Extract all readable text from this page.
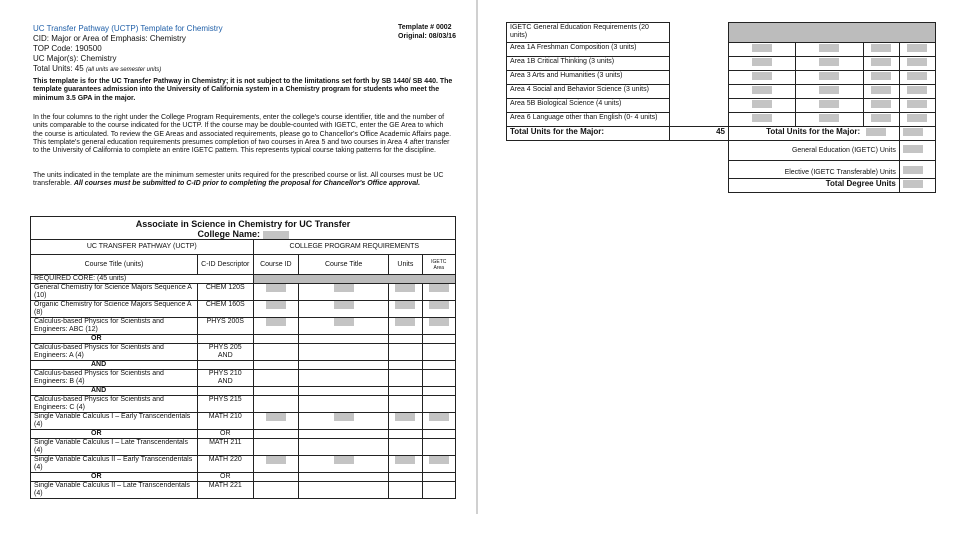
UC Transfer Pathway (UCTP) Template for Chemistry
CID: Major or Area of Emphasis: Chemistry
TOP Code: 190500
UC Major(s): Chemistry
Total Units: 45 (all units are semester units)
Template # 0002
Original: 08/03/16
This template is for the UC Transfer Pathway in Chemistry; it is not subject to the limitations set forth by SB 1440/ SB 440. The template guarantees admission into the University of California system in a Chemistry program for students who meet the minimum 3.5 GPA in the major.
In the four columns to the right under the College Program Requirements, enter the college's course identifier, title and the number of units comparable to the course indicated for the UCTP. If the course may be double-counted with IGETC, enter the GE Area to which the course is articulated. To review the GE Areas and associated requirements, please go to Chancellor's Office Academic Affairs page. This template's general education requirements presumes completion of two courses in Area 5 and two courses in Area 4 after transfer to the University of California to complete an entire IGETC pattern. This represents typical course taking patterns for the discipline.
The units indicated in the template are the minimum semester units required for the prescribed course or list. All courses must be UC transferable. All courses must be submitted to C-ID prior to completing the proposal for Chancellor's Office approval.
Associate in Science in Chemistry for UC Transfer
College Name:					

UC TRANSFER PATHWAY (UCTP)		COLLEGE PROGRAM REQUIREMENTS			
Course Title (units)	C-ID Descriptor	Course ID	Course Title	Units	IGETC Area
REQUIRED CORE: (45 units)					
General Chemistry for Science Majors Sequence A (10)	CHEM 120S				
Organic Chemistry for Science Majors Sequence A (8)	CHEM 160S				
Calculus-based Physics for Scientists and Engineers: ABC (12)	PHYS 200S				
OR					
Calculus-based Physics for Scientists and Engineers: A (4)	PHYS 205 AND				
AND					
Calculus-based Physics for Scientists and Engineers: B (4)	PHYS 210 AND				
AND					
Calculus-based Physics for Scientists and Engineers: C (4)	PHYS 215				
Single Variable Calculus I – Early Transcendentals (4)	MATH 210				
OR	OR				
Single Variable Calculus I – Late Transcendentals (4)	MATH 211				
Single Variable Calculus II – Early Transcendentals (4)	MATH 220				
OR	OR				
Single Variable Calculus II – Late Transcendentals (4)	MATH 221				
IGETC General Education Requirements (20 units)					
Area 1A Freshman Composition (3 units)					
Area 1B Critical Thinking (3 units)					
Area 3 Arts and Humanities (3 units)					
Area 4 Social and Behavior Science (3 units)					
Area 5B Biological Science (4 units)					
Area 6 Language other than English (0- 4 units)					
Total Units for the Major:	45	Total Units for the Major:			
		General Education (IGETC) Units			
		Elective (IGETC Transferable) Units			
		Total Degree Units			
